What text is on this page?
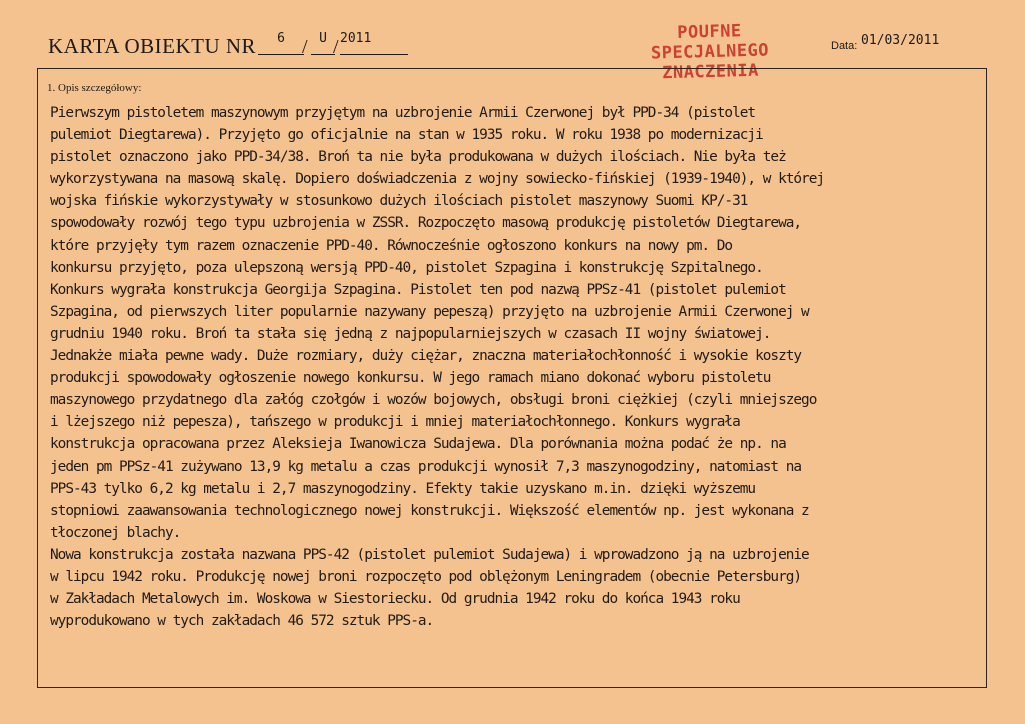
KARTA OBIEKTU NR	6 / U / 2011	POUFNE
SPECJALNEGO
ZNACZENIA
Data: 01/03/2011
1. Opis szczegółowy:
Pierwszym pistoletem maszynowym przyjętym na uzbrojenie Armii Czerwonej był PPD-34 (pistolet
pulemiot Diegtarewa). Przyjęto go oficjalnie na stan w 1935 roku. W roku 1938 po modernizacji
pistolet oznaczono jako PPD-34/38. Broń ta nie była produkowana w dużych ilościach. Nie była też
wykorzystywana na masową skalę. Dopiero doświadczenia z wojny sowiecko-fińskiej (1939-1940), w której
wojska fińskie wykorzystywały w stosunkowo dużych ilościach pistolet maszynowy Suomi KP/-31
spowodowały rozwój tego typu uzbrojenia w ZSSR. Rozpoczęto masową produkcję pistoletów Diegtarewa,
które przyjęły tym razem oznaczenie PPD-40. Równocześnie ogłoszono konkurs na nowy pm. Do
konkursu przyjęto, poza ulepszoną wersją PPD-40, pistolet Szpagina i konstrukcję Szpitalnego.
Konkurs wygrała konstrukcja Georgija Szpagina. Pistolet ten pod nazwą PPSz-41 (pistolet pulemiot
Szpagina, od pierwszych liter popularnie nazywany pepeszą) przyjęto na uzbrojenie Armii Czerwonej w
grudniu 1940 roku. Broń ta stała się jedną z najpopularniejszych w czasach II wojny światowej.
Jednakże miała pewne wady. Duże rozmiary, duży ciężar, znaczna materiałochłonność i wysokie koszty
produkcji spowodowały ogłoszenie nowego konkursu. W jego ramach miano dokonać wyboru pistoletu
maszynowego przydatnego dla załóg czołgów i wozów bojowych, obsługi broni ciężkiej (czyli mniejszego
i lżejszego niż pepesza), tańszego w produkcji i mniej materiałochłonnego. Konkurs wygrała
konstrukcja opracowana przez Aleksieja Iwanowicza Sudajewa. Dla porównania można podać że np. na
jeden pm PPSz-41 zużywano 13,9 kg metalu a czas produkcji wynosił 7,3 maszynogodziny, natomiast na
PPS-43 tylko 6,2 kg metalu i 2,7 maszynogodziny. Efekty takie uzyskano m.in. dzięki wyższemu
stopniowi zaawansowania technologicznego nowej konstrukcji. Większość elementów np. jest wykonana z
tłoczonej blachy.
Nowa konstrukcja została nazwana PPS-42 (pistolet pulemiot Sudajewa) i wprowadzono ją na uzbrojenie
w lipcu 1942 roku. Produkcję nowej broni rozpoczęto pod oblężonym Leningradem (obecnie Petersburg)
w Zakładach Metalowych im. Woskowa w Siestoriecku. Od grudnia 1942 roku do końca 1943 roku
wyprodukowano w tych zakładach 46 572 sztuk PPS-a.
